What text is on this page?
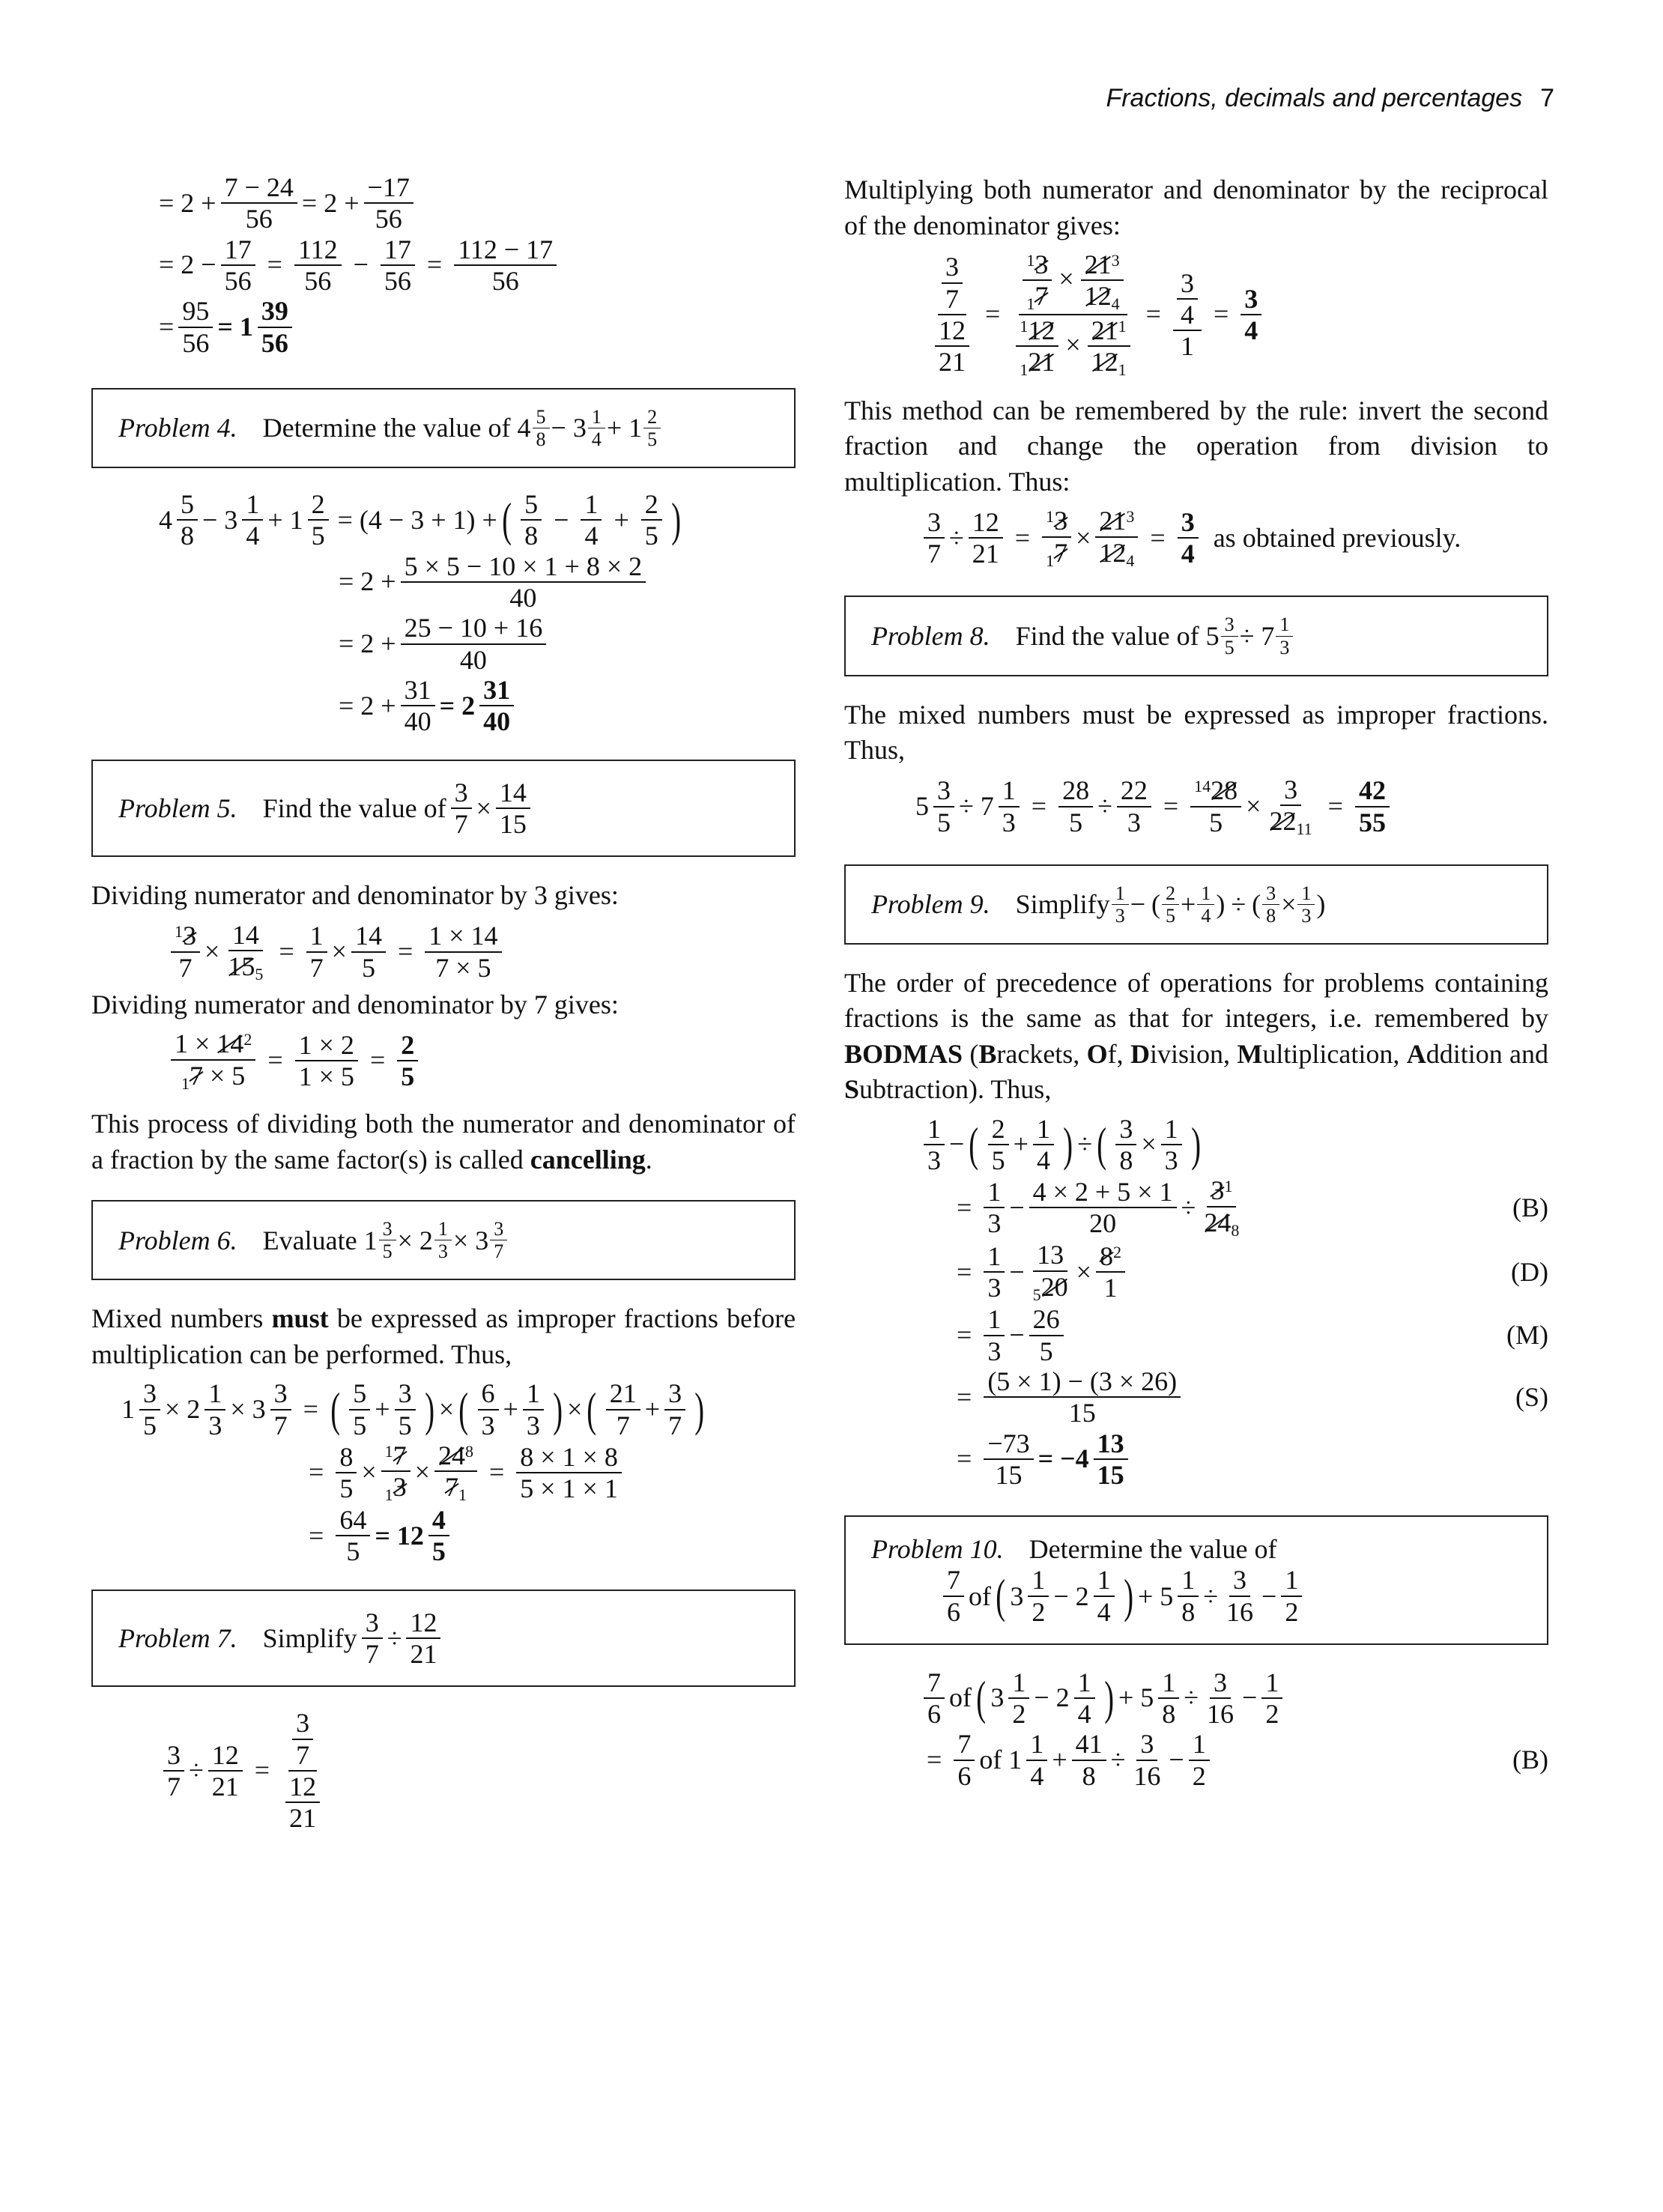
Fractions, decimals and percentages 7
= $2 + \frac{7 - 24}{56} = 2 + \frac{-17}{56}$
= $2 - \frac{17}{56} = \frac{112}{56} - \frac{17}{56} = \frac{112 - 17}{56}$
= $\frac{95}{56} = 1 \frac{39}{56}$
Problem 4. Determine the value of $4 \frac{5}{8} - 3 \frac{1}{4} + 1 \frac{2}{5}$
$4 \frac{5}{8} - 3 \frac{1}{4} + 1 \frac{2}{5} = (4 - 3 + 1)$ + ( $\frac{5}{8} - \frac{1}{4} + \frac{2}{5}$ )
= $2 + \frac{5 \times 5 - 10 \times 1 + 8 \times 2}{40}$
= $2 + \frac{25 - 10 + 16}{40}$
= $2 + \frac{31}{40} = 2 \frac{31}{40}$
Problem 5. Find the value of $\frac{3}{7} \times \frac{14}{15}$

Dividing numerator and denominator by 3 gives:

$\frac{^13}{7} \times \frac{14}{15_5} = \frac{1}{7} \times \frac{14}{5} = \frac{1 \times 14}{7 \times 5}$

Dividing numerator and denominator by 7 gives:

$\frac{1 \times 14^2}{_17 \times 5} = \frac{1 \times 2}{1 \times 5} = \frac{2}{5}$

This process of dividing both the numerator and denominator of a fraction by the same factor(s) is called cancelling.

Problem 6. Evaluate $1 \frac{3}{5} \times 2 \frac{1}{3} \times 3 \frac{3}{7}$

Mixed numbers must be expressed as improper fractions before multiplication can be performed. Thus,

$1 \frac{3}{5} \times 2 \frac{1}{3} \times 3 \frac{3}{7}$ = ( $\frac{5}{5} + \frac{3}{5}$ ) × ( $\frac{6}{3} + \frac{1}{3}$ ) × ( $\frac{21}{7} + \frac{3}{7}$ )
= $\frac{8}{5} \times \frac{^17}{_13} \times \frac{24^8}{7_1} = \frac{8 \times 1 \times 8}{5 \times 1 \times 1}$
= $\frac{64}{5} = 12 \frac{4}{5}$
Problem 7. Simplify $\frac{3}{7} \div \frac{12}{21}$
$\frac{3}{7} \div \frac{12}{21} = \frac{\frac{3}{7}}{\frac{12}{21}}$

Multiplying both numerator and denominator by the reciprocal of the denominator gives:

$\frac{\frac{3}{7}}{\frac{12}{21}} = \frac{\frac{^13}{_17} \times \frac{21^3}{12_4}}{\frac{^112}{_121} \times \frac{21^1}{12_1}} = \frac{\frac{3}{4}}{1} = \frac{3}{4}$

This method can be remembered by the rule: invert the second fraction and change the operation from division to multiplication. Thus:

$\frac{3}{7} \div \frac{12}{21} = \frac{^13}{_17} \times \frac{21^3}{12_4} = \frac{3}{4}$ as obtained previously.
Problem 8. Find the value of $5 \frac{3}{5} \div 7 \frac{1}{3}$

The mixed numbers must be expressed as improper fractions. Thus,

$5 \frac{3}{5} \div 7 \frac{1}{3} = \frac{28}{5} \div \frac{22}{3} = \frac{^{14}28}{5} \times \frac{3}{22_{11}} = \frac{42}{55}$
Problem 9. Simplify $\frac{1}{3}$ − ( $\frac{2}{5} + \frac{1}{4}$ ) ÷ ( $\frac{3}{8} \times \frac{1}{3}$ )

The order of precedence of operations for problems containing fractions is the same as that for integers, i.e. remembered by BODMAS (Brackets, Of, Division, Multiplication, Addition and Subtraction). Thus,

$\frac{1}{3}$ − ( $\frac{2}{5} + \frac{1}{4}$ ) ÷ ( $\frac{3}{8} \times \frac{1}{3}$ )
= $\frac{1}{3} - \frac{4 \times 2 + 5 \times 1}{20} \div \frac{3^1}{24_8}$	(B)
= $\frac{1}{3} - \frac{13}{_520} \times \frac{8^2}{1}$	(D)
= $\frac{1}{3} - \frac{26}{5}$	(M)
= $\frac{(5 \times 1) - (3 \times 26)}{15}$	(S)
= $\frac{-73}{15} = -4 \frac{13}{15}$
Problem 10. Determine the value of
$\frac{7}{6}$ of ( $3 \frac{1}{2} - 2 \frac{1}{4}$ ) + $5 \frac{1}{8} \div \frac{3}{16} - \frac{1}{2}$
$\frac{7}{6}$ of ( $3 \frac{1}{2} - 2 \frac{1}{4}$ ) + $5 \frac{1}{8} \div \frac{3}{16} - \frac{1}{2}$
= $\frac{7}{6}$ of $1 \frac{1}{4} + \frac{41}{8} \div \frac{3}{16} - \frac{1}{2}$	(B)
